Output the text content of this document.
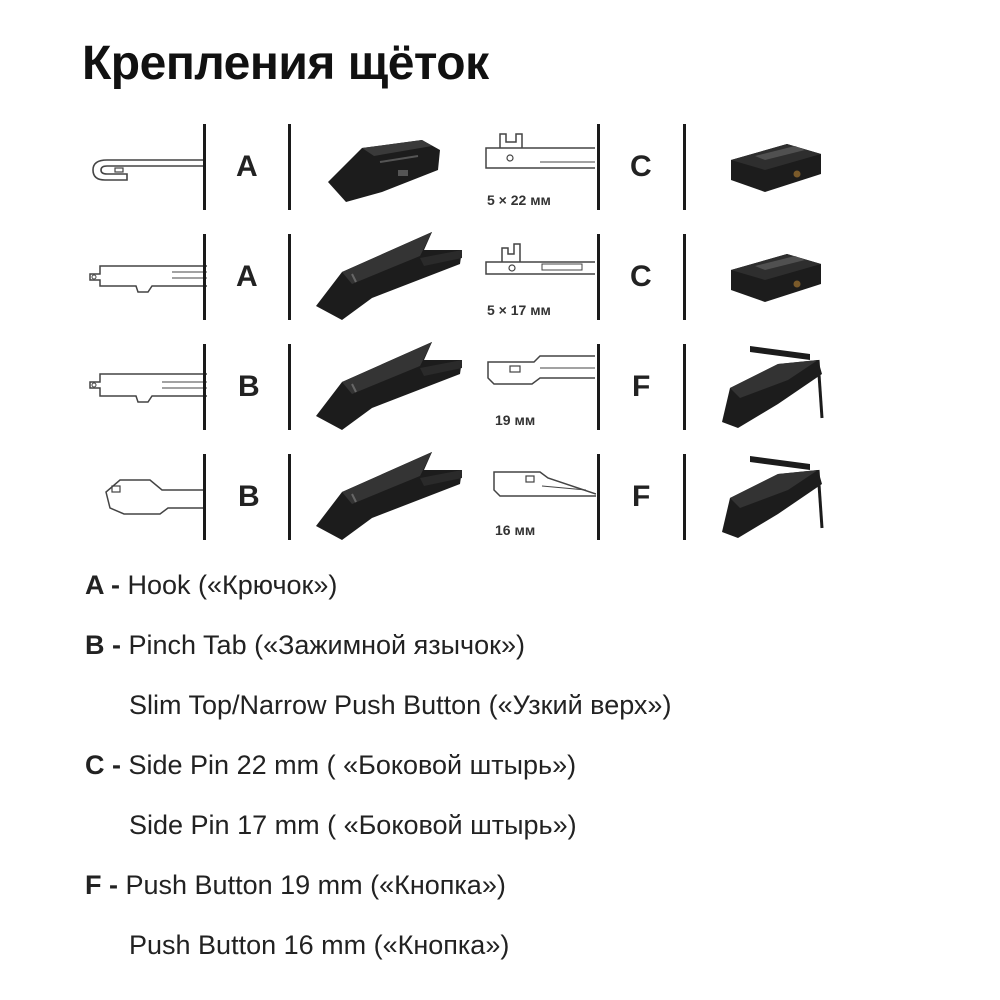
Крепления щёток
A
5 × 22 мм
C
A
5 × 17 мм
C
B
19 мм
F
B
16 мм
F
A - Hook («Крючок»)
B - Pinch Tab («Зажимной язычок»)
Slim Top/Narrow Push Button («Узкий верх»)
C - Side Pin 22 mm ( «Боковой штырь»)
Side Pin 17 mm ( «Боковой штырь»)
F - Push Button 19 mm («Кнопка»)
Push Button 16 mm («Кнопка»)
